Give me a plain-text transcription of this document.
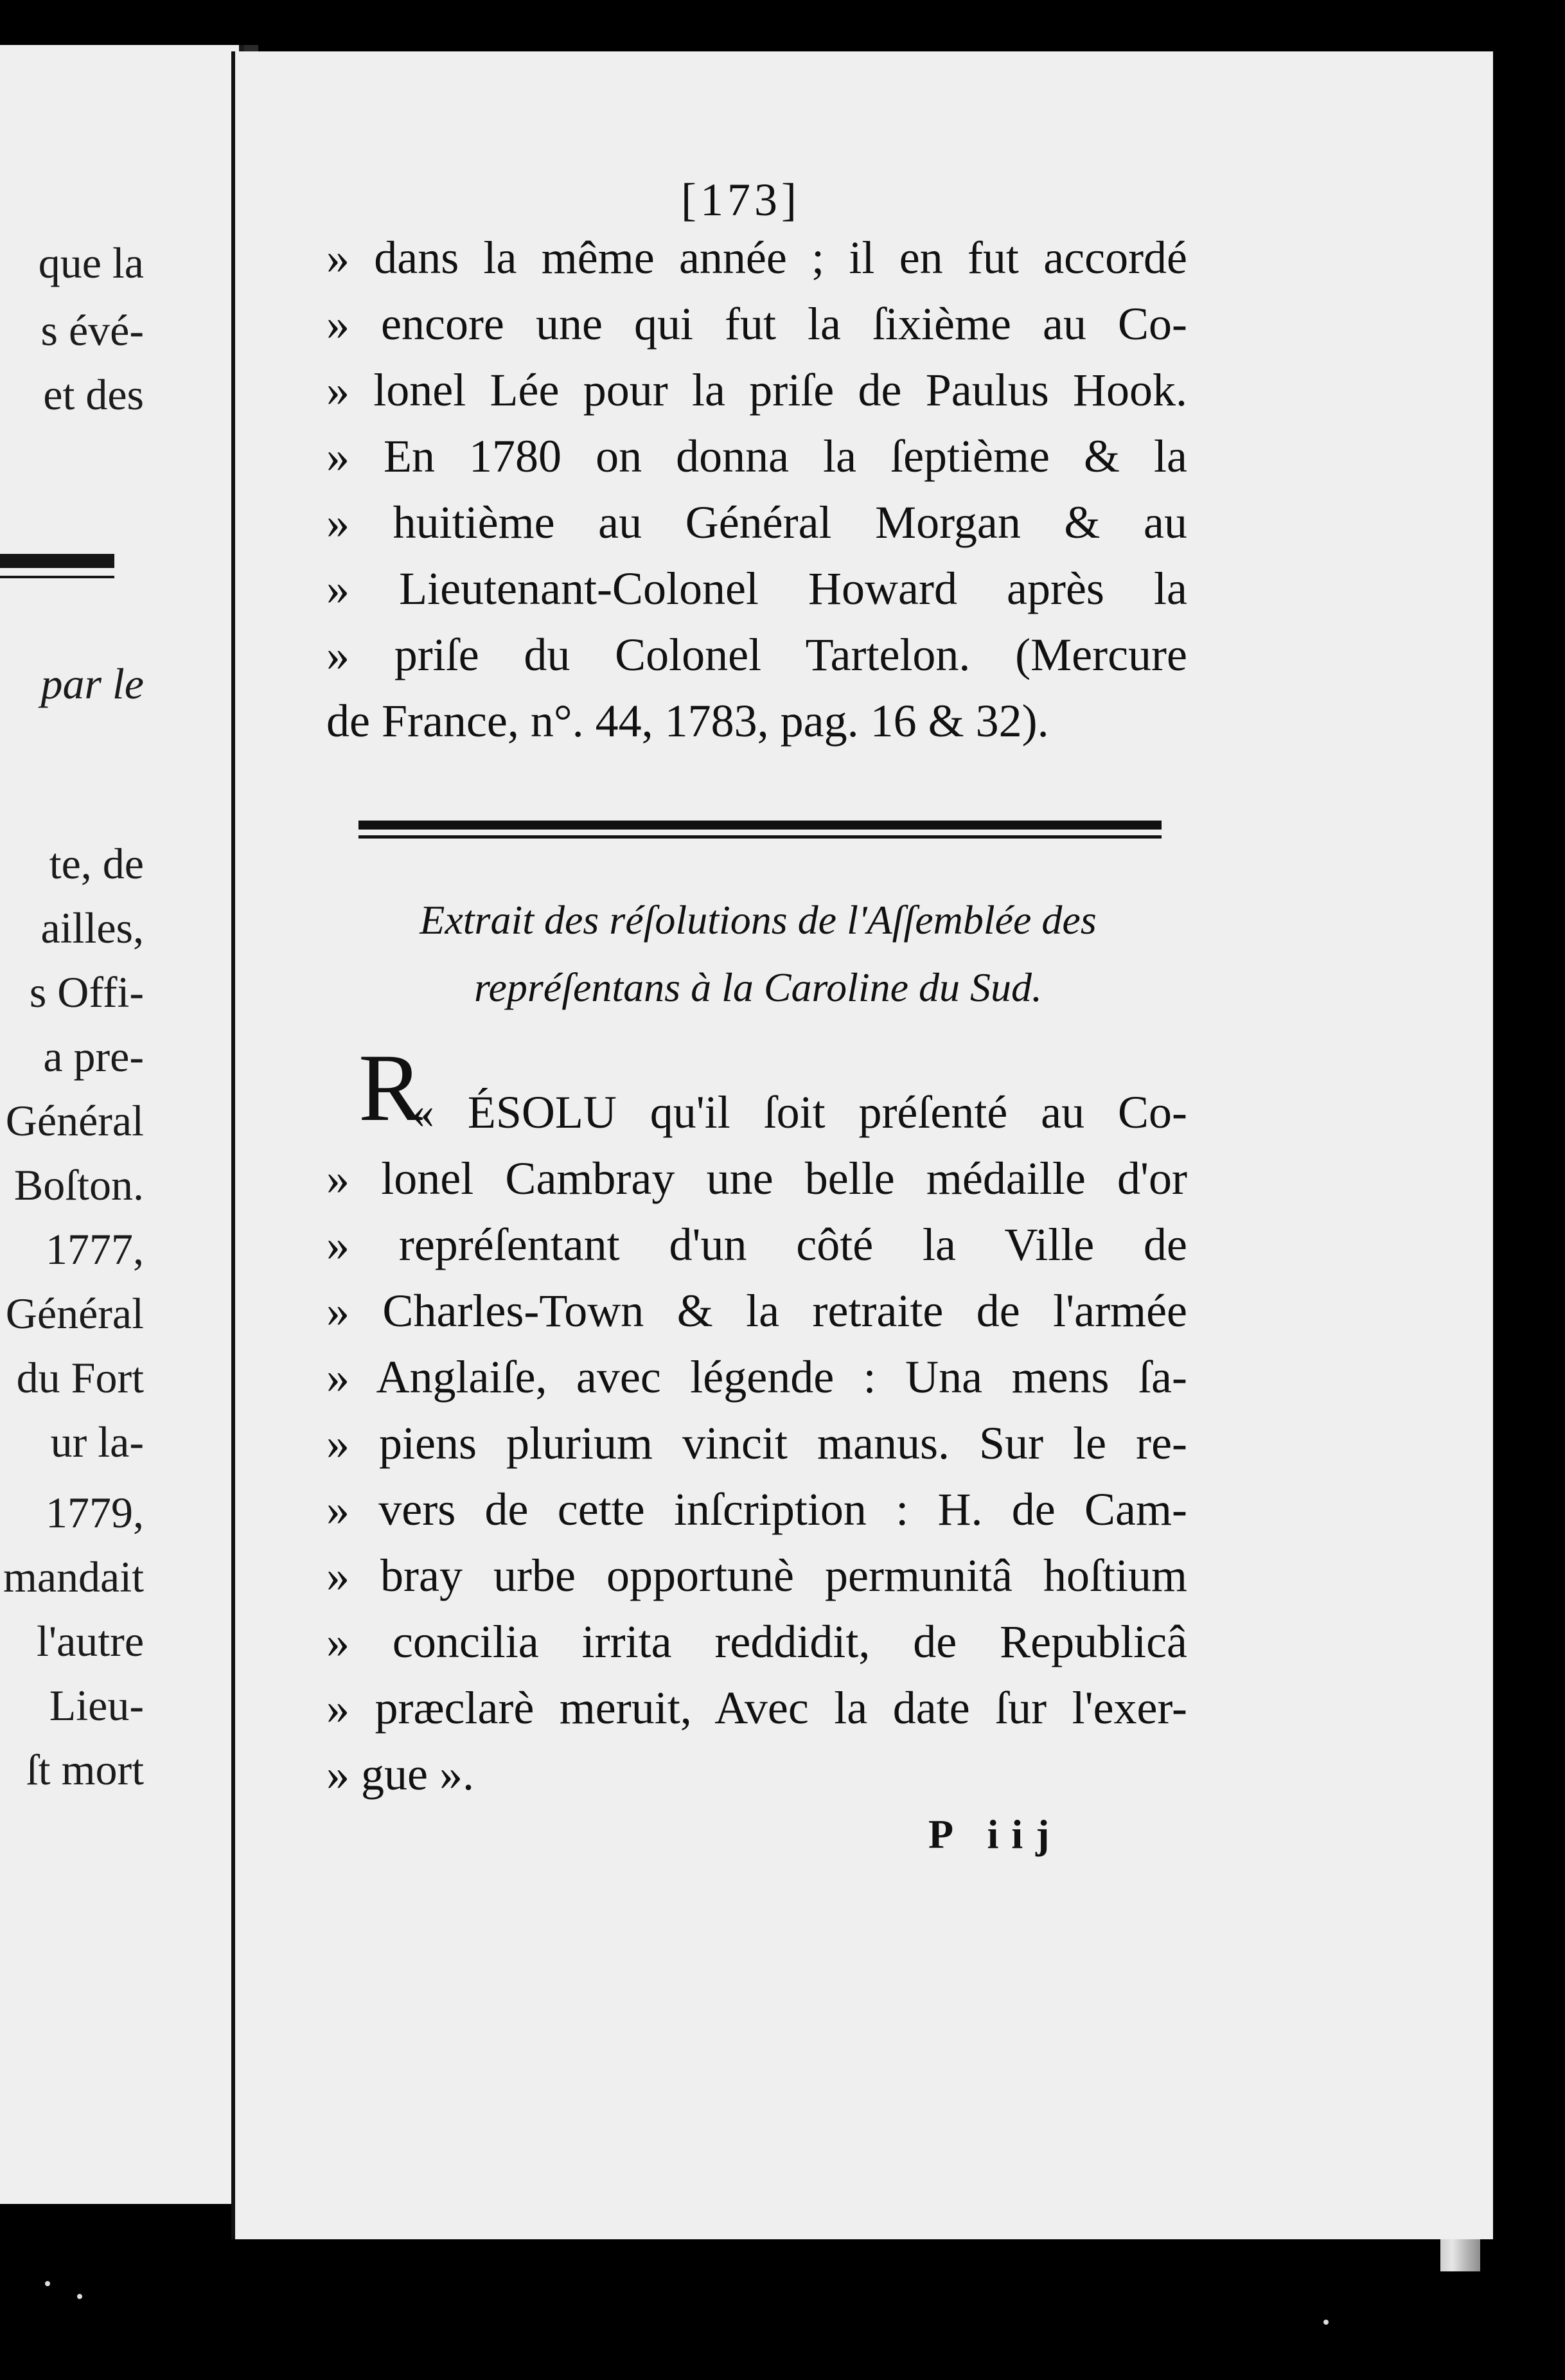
que la
s évé-
et des
par le
te, de
ailles,
s Offi-
a pre-
Général
Boſton.
1777,
Général
du Fort
ur la-
1779,
mandait
l'autre
Lieu-
ſt mort
[173]
» dans la même année ; il en fut accordé
» encore une qui fut la ſixième au Co-
» lonel Lée pour la priſe de Paulus Hook.
» En 1780 on donna la ſeptième & la
» huitième au Général Morgan & au
» Lieutenant-Colonel Howard après la
» priſe du Colonel Tartelon. (Mercure
de France, n°. 44, 1783, pag. 16 & 32).
Extrait des réſolutions de l'Aſſemblée des
repréſentans à la Caroline du Sud.
R
« ÉSOLU qu'il ſoit préſenté au Co-
» lonel Cambray une belle médaille d'or
» repréſentant d'un côté la Ville de
» Charles-Town & la retraite de l'armée
» Anglaiſe, avec légende : Una mens ſa-
» piens plurium vincit manus. Sur le re-
» vers de cette inſcription : H. de Cam-
» bray urbe opportunè permunitâ hoſtium
» concilia irrita reddidit, de Republicâ
» præclarè meruit, Avec la date ſur l'exer-
» gue ».
P iij
